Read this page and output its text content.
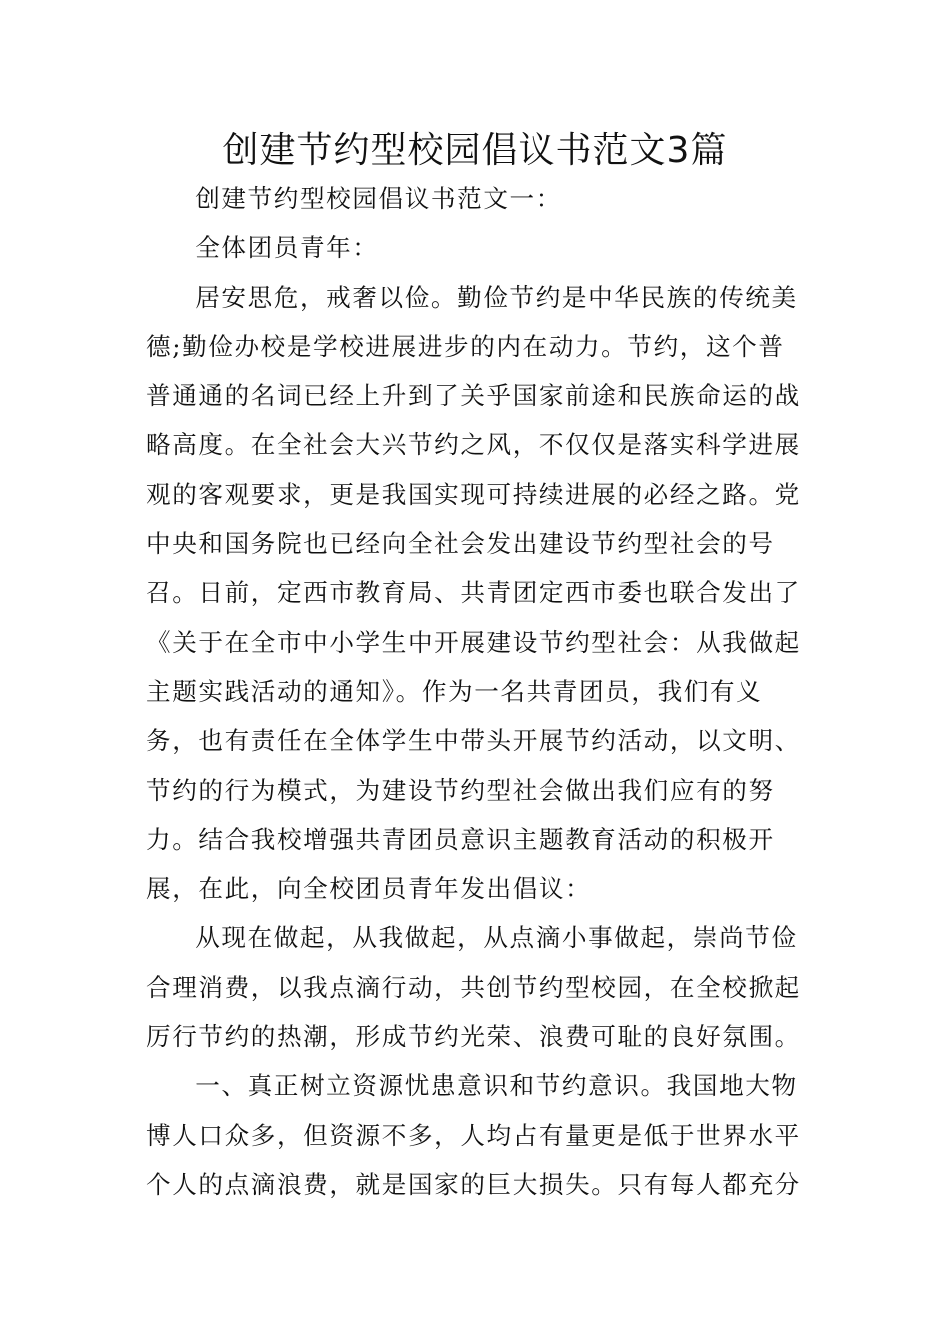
创建节约型校园倡议书范文3篇

创建节约型校园倡议书范文一：

全体团员青年：

居安思危，戒奢以俭。勤俭节约是中华民族的传统美德;勤俭办校是学校进展进步的内在动力。节约，这个普普通通的名词已经上升到了关乎国家前途和民族命运的战略高度。在全社会大兴节约之风，不仅仅是落实科学进展观的客观要求，更是我国实现可持续进展的必经之路。党中央和国务院也已经向全社会发出建设节约型社会的号召。日前，定西市教育局、共青团定西市委也联合发出了《关于在全市中小学生中开展建设节约型社会：从我做起主题实践活动的通知》。作为一名共青团员，我们有义务，也有责任在全体学生中带头开展节约活动，以文明、节约的行为模式，为建设节约型社会做出我们应有的努力。结合我校增强共青团员意识主题教育活动的积极开展，在此，向全校团员青年发出倡议：

从现在做起，从我做起，从点滴小事做起，崇尚节俭合理消费，以我点滴行动，共创节约型校园，在全校掀起厉行节约的热潮，形成节约光荣、浪费可耻的良好氛围。

一、真正树立资源忧患意识和节约意识。我国地大物博人口众多，但资源不多，人均占有量更是低于世界水平个人的点滴浪费，就是国家的巨大损失。只有每人都充分
